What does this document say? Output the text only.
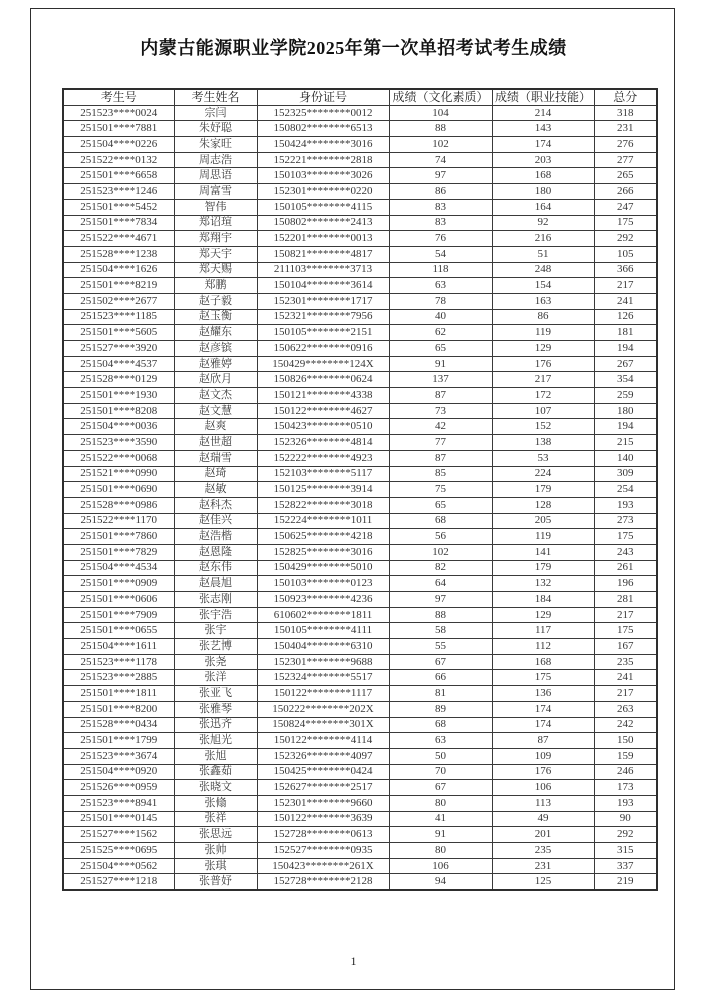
内蒙古能源职业学院2025年第一次单招考试考生成绩
考生号	考生姓名	身份证号	成绩（文化素质）	成绩（职业技能）	总分
251523****0024	宗闫	152325********0012	104	214	318
251501****7881	朱妤聪	150802********6513	88	143	231
251504****0226	朱家旺	150424********3016	102	174	276
251522****0132	周志浩	152221********2818	74	203	277
251501****6658	周思语	150103********3026	97	168	265
251523****1246	周富雪	152301********0220	86	180	266
251501****5452	智伟	150105********4115	83	164	247
251501****7834	郑诏瑄	150802********2413	83	92	175
251522****4671	郑翔宇	152201********0013	76	216	292
251528****1238	郑天宇	150821********4817	54	51	105
251504****1626	郑天赐	211103********3713	118	248	366
251501****8219	郑鹏	150104********3614	63	154	217
251502****2677	赵子毅	152301********1717	78	163	241
251523****1185	赵玉衡	152321********7956	40	86	126
251501****5605	赵耀东	150105********2151	62	119	181
251527****3920	赵彦镔	150622********0916	65	129	194
251504****4537	赵雅婷	150429********124X	91	176	267
251528****0129	赵欣月	150826********0624	137	217	354
251501****1930	赵文杰	150121********4338	87	172	259
251501****8208	赵文慧	150122********4627	73	107	180
251504****0036	赵爽	150423********0510	42	152	194
251523****3590	赵世超	152326********4814	77	138	215
251522****0068	赵瑞雪	152222********4923	87	53	140
251521****0990	赵琦	152103********5117	85	224	309
251501****0690	赵敏	150125********3914	75	179	254
251528****0986	赵科杰	152822********3018	65	128	193
251522****1170	赵佳兴	152224********1011	68	205	273
251501****7860	赵浩楷	150625********4218	56	119	175
251501****7829	赵恩隆	152825********3016	102	141	243
251504****4534	赵东伟	150429********5010	82	179	261
251501****0909	赵晨旭	150103********0123	64	132	196
251501****0606	张志刚	150923********4236	97	184	281
251501****7909	张宇浩	610602********1811	88	129	217
251501****0655	张宇	150105********4111	58	117	175
251504****1611	张艺博	150404********6310	55	112	167
251523****1178	张尧	152301********9688	67	168	235
251523****2885	张洋	152324********5517	66	175	241
251501****1811	张亚飞	150122********1117	81	136	217
251501****8200	张雅琴	150222********202X	89	174	263
251528****0434	张迅齐	150824********301X	68	174	242
251501****1799	张旭光	150122********4114	63	87	150
251523****3674	张旭	152326********4097	50	109	159
251504****0920	张鑫茹	150425********0424	70	176	246
251526****0959	张晓文	152627********2517	67	106	173
251523****8941	张翛	152301********9660	80	113	193
251501****0145	张祥	150122********3639	41	49	90
251527****1562	张思远	152728********0613	91	201	292
251525****0695	张帅	152527********0935	80	235	315
251504****0562	张琪	150423********261X	106	231	337
251527****1218	张普妤	152728********2128	94	125	219
1
